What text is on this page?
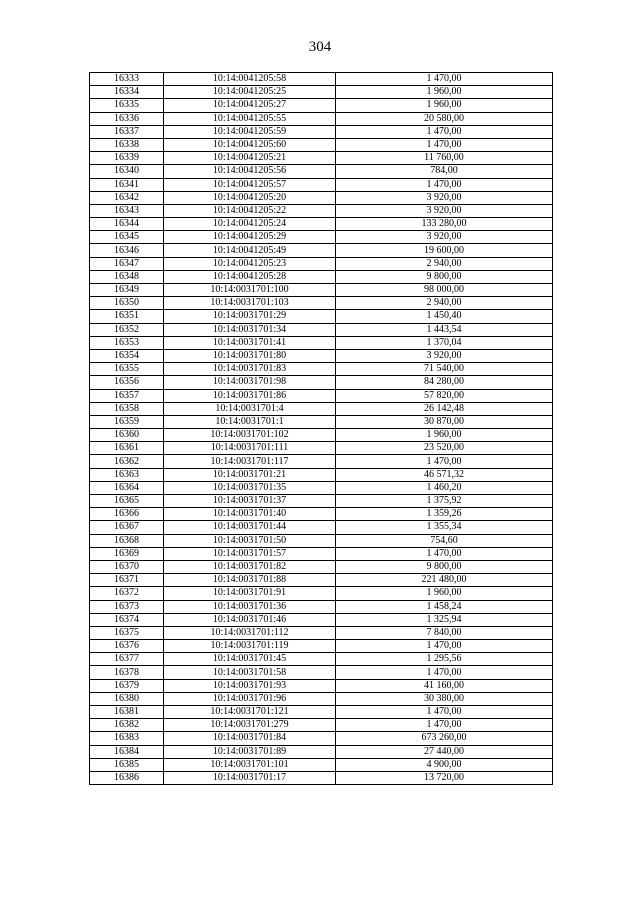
304
16333	10:14:0041205:58	1 470,00
16334	10:14:0041205:25	1 960,00
16335	10:14:0041205:27	1 960,00
16336	10:14:0041205:55	20 580,00
16337	10:14:0041205:59	1 470,00
16338	10:14:0041205:60	1 470,00
16339	10:14:0041205:21	11 760,00
16340	10:14:0041205:56	784,00
16341	10:14:0041205:57	1 470,00
16342	10:14:0041205:20	3 920,00
16343	10:14:0041205:22	3 920,00
16344	10:14:0041205:24	133 280,00
16345	10:14:0041205:29	3 920,00
16346	10:14:0041205:49	19 600,00
16347	10:14:0041205:23	2 940,00
16348	10:14:0041205:28	9 800,00
16349	10:14:0031701:100	98 000,00
16350	10:14:0031701:103	2 940,00
16351	10:14:0031701:29	1 450,40
16352	10:14:0031701:34	1 443,54
16353	10:14:0031701:41	1 370,04
16354	10:14:0031701:80	3 920,00
16355	10:14:0031701:83	71 540,00
16356	10:14:0031701:98	84 280,00
16357	10:14:0031701:86	57 820,00
16358	10:14:0031701:4	26 142,48
16359	10:14:0031701:1	30 870,00
16360	10:14:0031701:102	1 960,00
16361	10:14:0031701:111	23 520,00
16362	10:14:0031701:117	1 470,00
16363	10:14:0031701:21	46 571,32
16364	10:14:0031701:35	1 460,20
16365	10:14:0031701:37	1 375,92
16366	10:14:0031701:40	1 359,26
16367	10:14:0031701:44	1 355,34
16368	10:14:0031701:50	754,60
16369	10:14:0031701:57	1 470,00
16370	10:14:0031701:82	9 800,00
16371	10:14:0031701:88	221 480,00
16372	10:14:0031701:91	1 960,00
16373	10:14:0031701:36	1 458,24
16374	10:14:0031701:46	1 325,94
16375	10:14:0031701:112	7 840,00
16376	10:14:0031701:119	1 470,00
16377	10:14:0031701:45	1 295,56
16378	10:14:0031701:58	1 470,00
16379	10:14:0031701:93	41 160,00
16380	10:14:0031701:96	30 380,00
16381	10:14:0031701:121	1 470,00
16382	10:14:0031701:279	1 470,00
16383	10:14:0031701:84	673 260,00
16384	10:14:0031701:89	27 440,00
16385	10:14:0031701:101	4 900,00
16386	10:14:0031701:17	13 720,00
